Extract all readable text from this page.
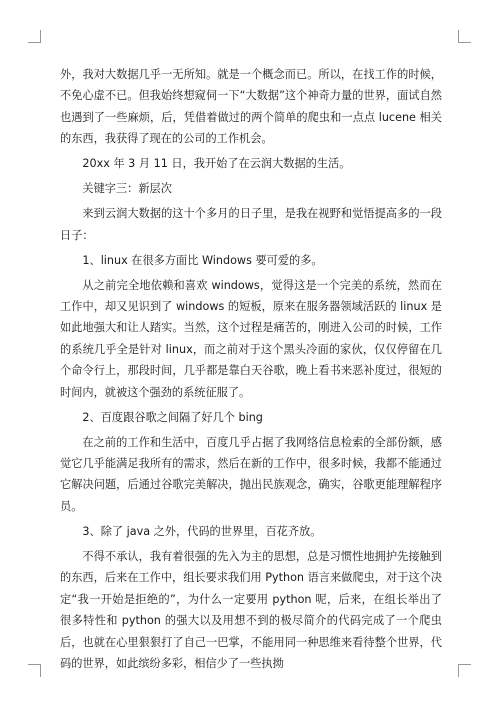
外，我对大数据几乎一无所知。就是一个概念而已。所以，在找工作的时候，不免心虚不已。但我始终想窥伺一下“大数据”这个神奇力量的世界，面试自然也遇到了一些麻烦，后，凭借着做过的两个简单的爬虫和一点点 lucene 相关的东西，我获得了现在的公司的工作机会。

20xx 年 3 月 11 日，我开始了在云润大数据的生活。

关键字三：新层次

来到云润大数据的这十个多月的日子里，是我在视野和觉悟提高多的一段日子：

1、linux 在很多方面比 Windows 要可爱的多。

从之前完全地依赖和喜欢 windows，觉得这是一个完美的系统，然而在工作中，却又见识到了 windows 的短板，原来在服务器领域活跃的 linux 是如此地强大和让人踏实。当然，这个过程是痛苦的，刚进入公司的时候，工作的系统几乎全是针对 linux，而之前对于这个黑头冷面的家伙，仅仅停留在几个命令行上，那段时间，几乎都是靠白天谷歌，晚上看书来恶补度过，很短的时间内，就被这个强劲的系统征服了。

2、百度跟谷歌之间隔了好几个 bing

在之前的工作和生活中，百度几乎占据了我网络信息检索的全部份额，感觉它几乎能满足我所有的需求，然后在新的工作中，很多时候，我都不能通过它解决问题，后通过谷歌完美解决，抛出民族观念，确实，谷歌更能理解程序员。

3、除了 java 之外，代码的世界里，百花齐放。

不得不承认，我有着很强的先入为主的思想，总是习惯性地拥护先接触到的东西，后来在工作中，组长要求我们用 Python 语言来做爬虫，对于这个决定“我一开始是拒绝的”，为什么一定要用 python 呢，后来，在组长举出了很多特性和 python 的强大以及用想不到的极尽简介的代码完成了一个爬虫后，也就在心里狠狠打了自己一巴掌，不能用同一种思维来看待整个世界，代码的世界，如此缤纷多彩，相信少了一些执拗
